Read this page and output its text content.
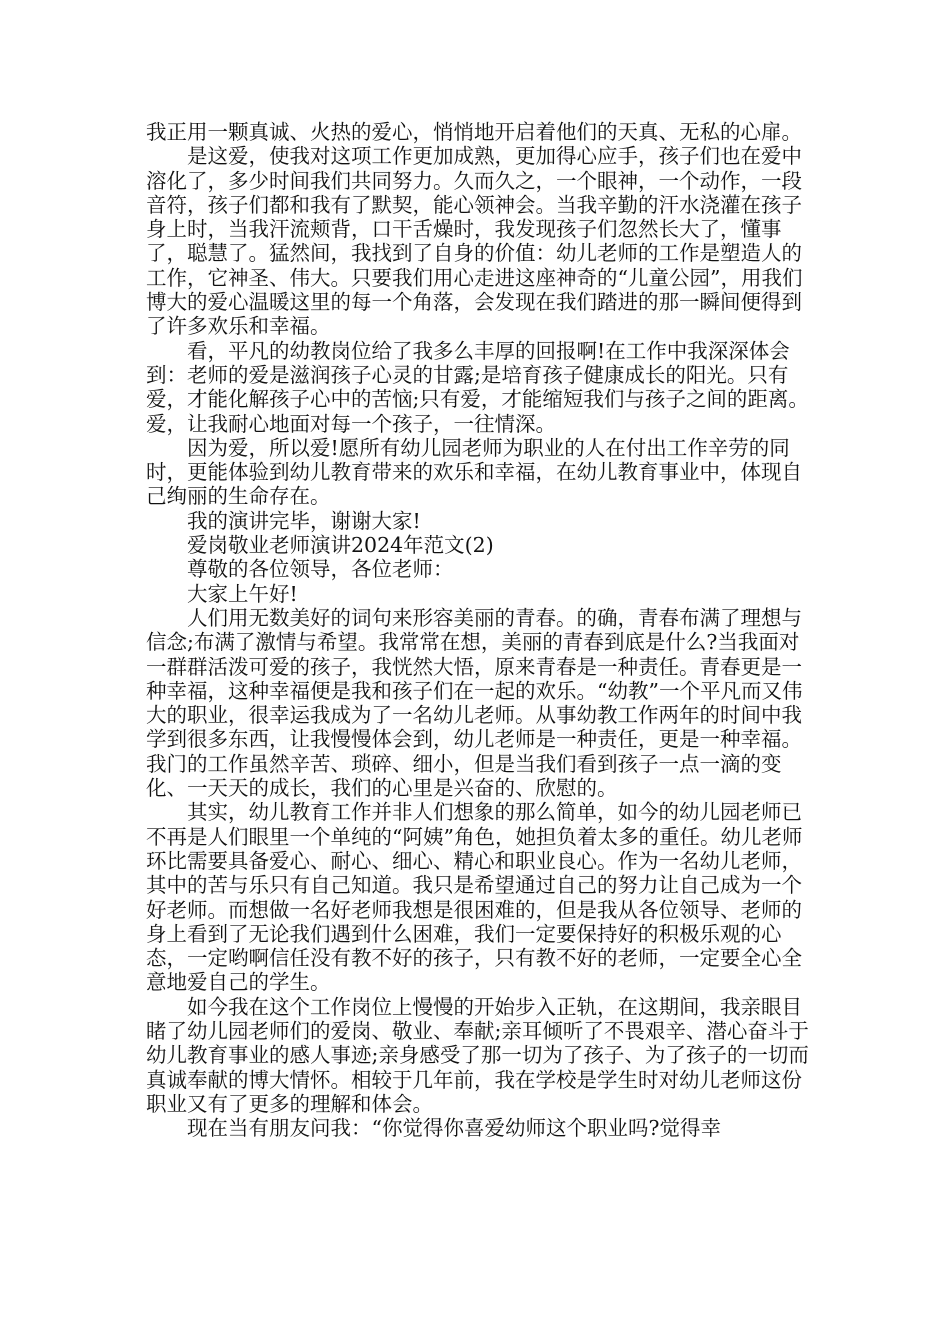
我正用一颗真诚、火热的爱心，悄悄地开启着他们的天真、无私的心扉。

是这爱，使我对这项工作更加成熟，更加得心应手，孩子们也在爱中溶化了，多少时间我们共同努力。久而久之，一个眼神，一个动作，一段音符，孩子们都和我有了默契，能心领神会。当我辛勤的汗水浇灌在孩子身上时，当我汗流颊背，口干舌燥时，我发现孩子们忽然长大了，懂事了，聪慧了。猛然间，我找到了自身的价值：幼儿老师的工作是塑造人的工作，它神圣、伟大。只要我们用心走进这座神奇的“儿童公园”，用我们博大的爱心温暖这里的每一个角落，会发现在我们踏进的那一瞬间便得到了许多欢乐和幸福。

看，平凡的幼教岗位给了我多么丰厚的回报啊!在工作中我深深体会到：老师的爱是滋润孩子心灵的甘露;是培育孩子健康成长的阳光。只有爱，才能化解孩子心中的苦恼;只有爱，才能缩短我们与孩子之间的距离。爱，让我耐心地面对每一个孩子，一往情深。

因为爱，所以爱!愿所有幼儿园老师为职业的人在付出工作辛劳的同时，更能体验到幼儿教育带来的欢乐和幸福，在幼儿教育事业中，体现自己绚丽的生命存在。

我的演讲完毕，谢谢大家!

爱岗敬业老师演讲2024年范文(2)

尊敬的各位领导，各位老师：

大家上午好!

人们用无数美好的词句来形容美丽的青春。的确，青春布满了理想与信念;布满了激情与希望。我常常在想，美丽的青春到底是什么?当我面对一群群活泼可爱的孩子，我恍然大悟，原来青春是一种责任。青春更是一种幸福，这种幸福便是我和孩子们在一起的欢乐。“幼教”一个平凡而又伟大的职业，很幸运我成为了一名幼儿老师。从事幼教工作两年的时间中我学到很多东西，让我慢慢体会到，幼儿老师是一种责任，更是一种幸福。我门的工作虽然辛苦、琐碎、细小，但是当我们看到孩子一点一滴的变化、一天天的成长，我们的心里是兴奋的、欣慰的。

其实，幼儿教育工作并非人们想象的那么简单，如今的幼儿园老师已不再是人们眼里一个单纯的“阿姨”角色，她担负着太多的重任。幼儿老师环比需要具备爱心、耐心、细心、精心和职业良心。作为一名幼儿老师，其中的苦与乐只有自己知道。我只是希望通过自己的努力让自己成为一个好老师。而想做一名好老师我想是很困难的，但是我从各位领导、老师的身上看到了无论我们遇到什么困难，我们一定要保持好的积极乐观的心态，一定哟啊信任没有教不好的孩子，只有教不好的老师，一定要全心全意地爱自己的学生。

如今我在这个工作岗位上慢慢的开始步入正轨，在这期间，我亲眼目睹了幼儿园老师们的爱岗、敬业、奉献;亲耳倾听了不畏艰辛、潜心奋斗于幼儿教育事业的感人事迹;亲身感受了那一切为了孩子、为了孩子的一切而真诚奉献的博大情怀。相较于几年前，我在学校是学生时对幼儿老师这份职业又有了更多的理解和体会。

现在当有朋友问我：“你觉得你喜爱幼师这个职业吗?觉得幸
